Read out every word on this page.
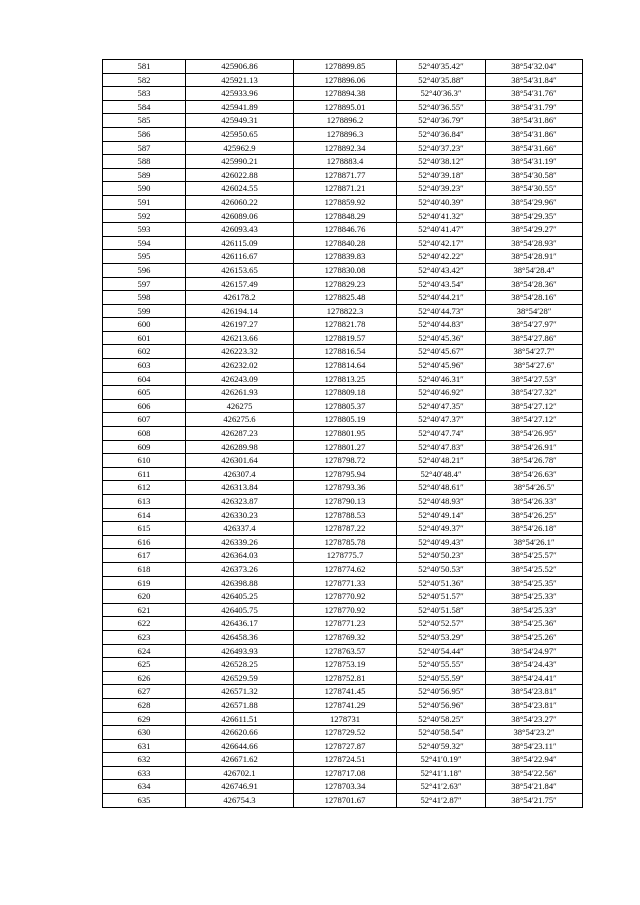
581	425906.86	1278899.85	52°40′35.42″	38°54′32.04″
582	425921.13	1278896.06	52°40′35.88″	38°54′31.84″
583	425933.96	1278894.38	52°40′36.3″	38°54′31.76″
584	425941.89	1278895.01	52°40′36.55″	38°54′31.79″
585	425949.31	1278896.2	52°40′36.79″	38°54′31.86″
586	425950.65	1278896.3	52°40′36.84″	38°54′31.86″
587	425962.9	1278892.34	52°40′37.23″	38°54′31.66″
588	425990.21	1278883.4	52°40′38.12″	38°54′31.19″
589	426022.88	1278871.77	52°40′39.18″	38°54′30.58″
590	426024.55	1278871.21	52°40′39.23″	38°54′30.55″
591	426060.22	1278859.92	52°40′40.39″	38°54′29.96″
592	426089.06	1278848.29	52°40′41.32″	38°54′29.35″
593	426093.43	1278846.76	52°40′41.47″	38°54′29.27″
594	426115.09	1278840.28	52°40′42.17″	38°54′28.93″
595	426116.67	1278839.83	52°40′42.22″	38°54′28.91″
596	426153.65	1278830.08	52°40′43.42″	38°54′28.4″
597	426157.49	1278829.23	52°40′43.54″	38°54′28.36″
598	426178.2	1278825.48	52°40′44.21″	38°54′28.16″
599	426194.14	1278822.3	52°40′44.73″	38°54′28″
600	426197.27	1278821.78	52°40′44.83″	38°54′27.97″
601	426213.66	1278819.57	52°40′45.36″	38°54′27.86″
602	426223.32	1278816.54	52°40′45.67″	38°54′27.7″
603	426232.02	1278814.64	52°40′45.96″	38°54′27.6″
604	426243.09	1278813.25	52°40′46.31″	38°54′27.53″
605	426261.93	1278809.18	52°40′46.92″	38°54′27.32″
606	426275	1278805.37	52°40′47.35″	38°54′27.12″
607	426275.6	1278805.19	52°40′47.37″	38°54′27.12″
608	426287.23	1278801.95	52°40′47.74″	38°54′26.95″
609	426289.98	1278801.27	52°40′47.83″	38°54′26.91″
610	426301.64	1278798.72	52°40′48.21″	38°54′26.78″
611	426307.4	1278795.94	52°40′48.4″	38°54′26.63″
612	426313.84	1278793.36	52°40′48.61″	38°54′26.5″
613	426323.87	1278790.13	52°40′48.93″	38°54′26.33″
614	426330.23	1278788.53	52°40′49.14″	38°54′26.25″
615	426337.4	1278787.22	52°40′49.37″	38°54′26.18″
616	426339.26	1278785.78	52°40′49.43″	38°54′26.1″
617	426364.03	1278775.7	52°40′50.23″	38°54′25.57″
618	426373.26	1278774.62	52°40′50.53″	38°54′25.52″
619	426398.88	1278771.33	52°40′51.36″	38°54′25.35″
620	426405.25	1278770.92	52°40′51.57″	38°54′25.33″
621	426405.75	1278770.92	52°40′51.58″	38°54′25.33″
622	426436.17	1278771.23	52°40′52.57″	38°54′25.36″
623	426458.36	1278769.32	52°40′53.29″	38°54′25.26″
624	426493.93	1278763.57	52°40′54.44″	38°54′24.97″
625	426528.25	1278753.19	52°40′55.55″	38°54′24.43″
626	426529.59	1278752.81	52°40′55.59″	38°54′24.41″
627	426571.32	1278741.45	52°40′56.95″	38°54′23.81″
628	426571.88	1278741.29	52°40′56.96″	38°54′23.81″
629	426611.51	1278731	52°40′58.25″	38°54′23.27″
630	426620.66	1278729.52	52°40′58.54″	38°54′23.2″
631	426644.66	1278727.87	52°40′59.32″	38°54′23.11″
632	426671.62	1278724.51	52°41′0.19″	38°54′22.94″
633	426702.1	1278717.08	52°41′1.18″	38°54′22.56″
634	426746.91	1278703.34	52°41′2.63″	38°54′21.84″
635	426754.3	1278701.67	52°41′2.87″	38°54′21.75″
